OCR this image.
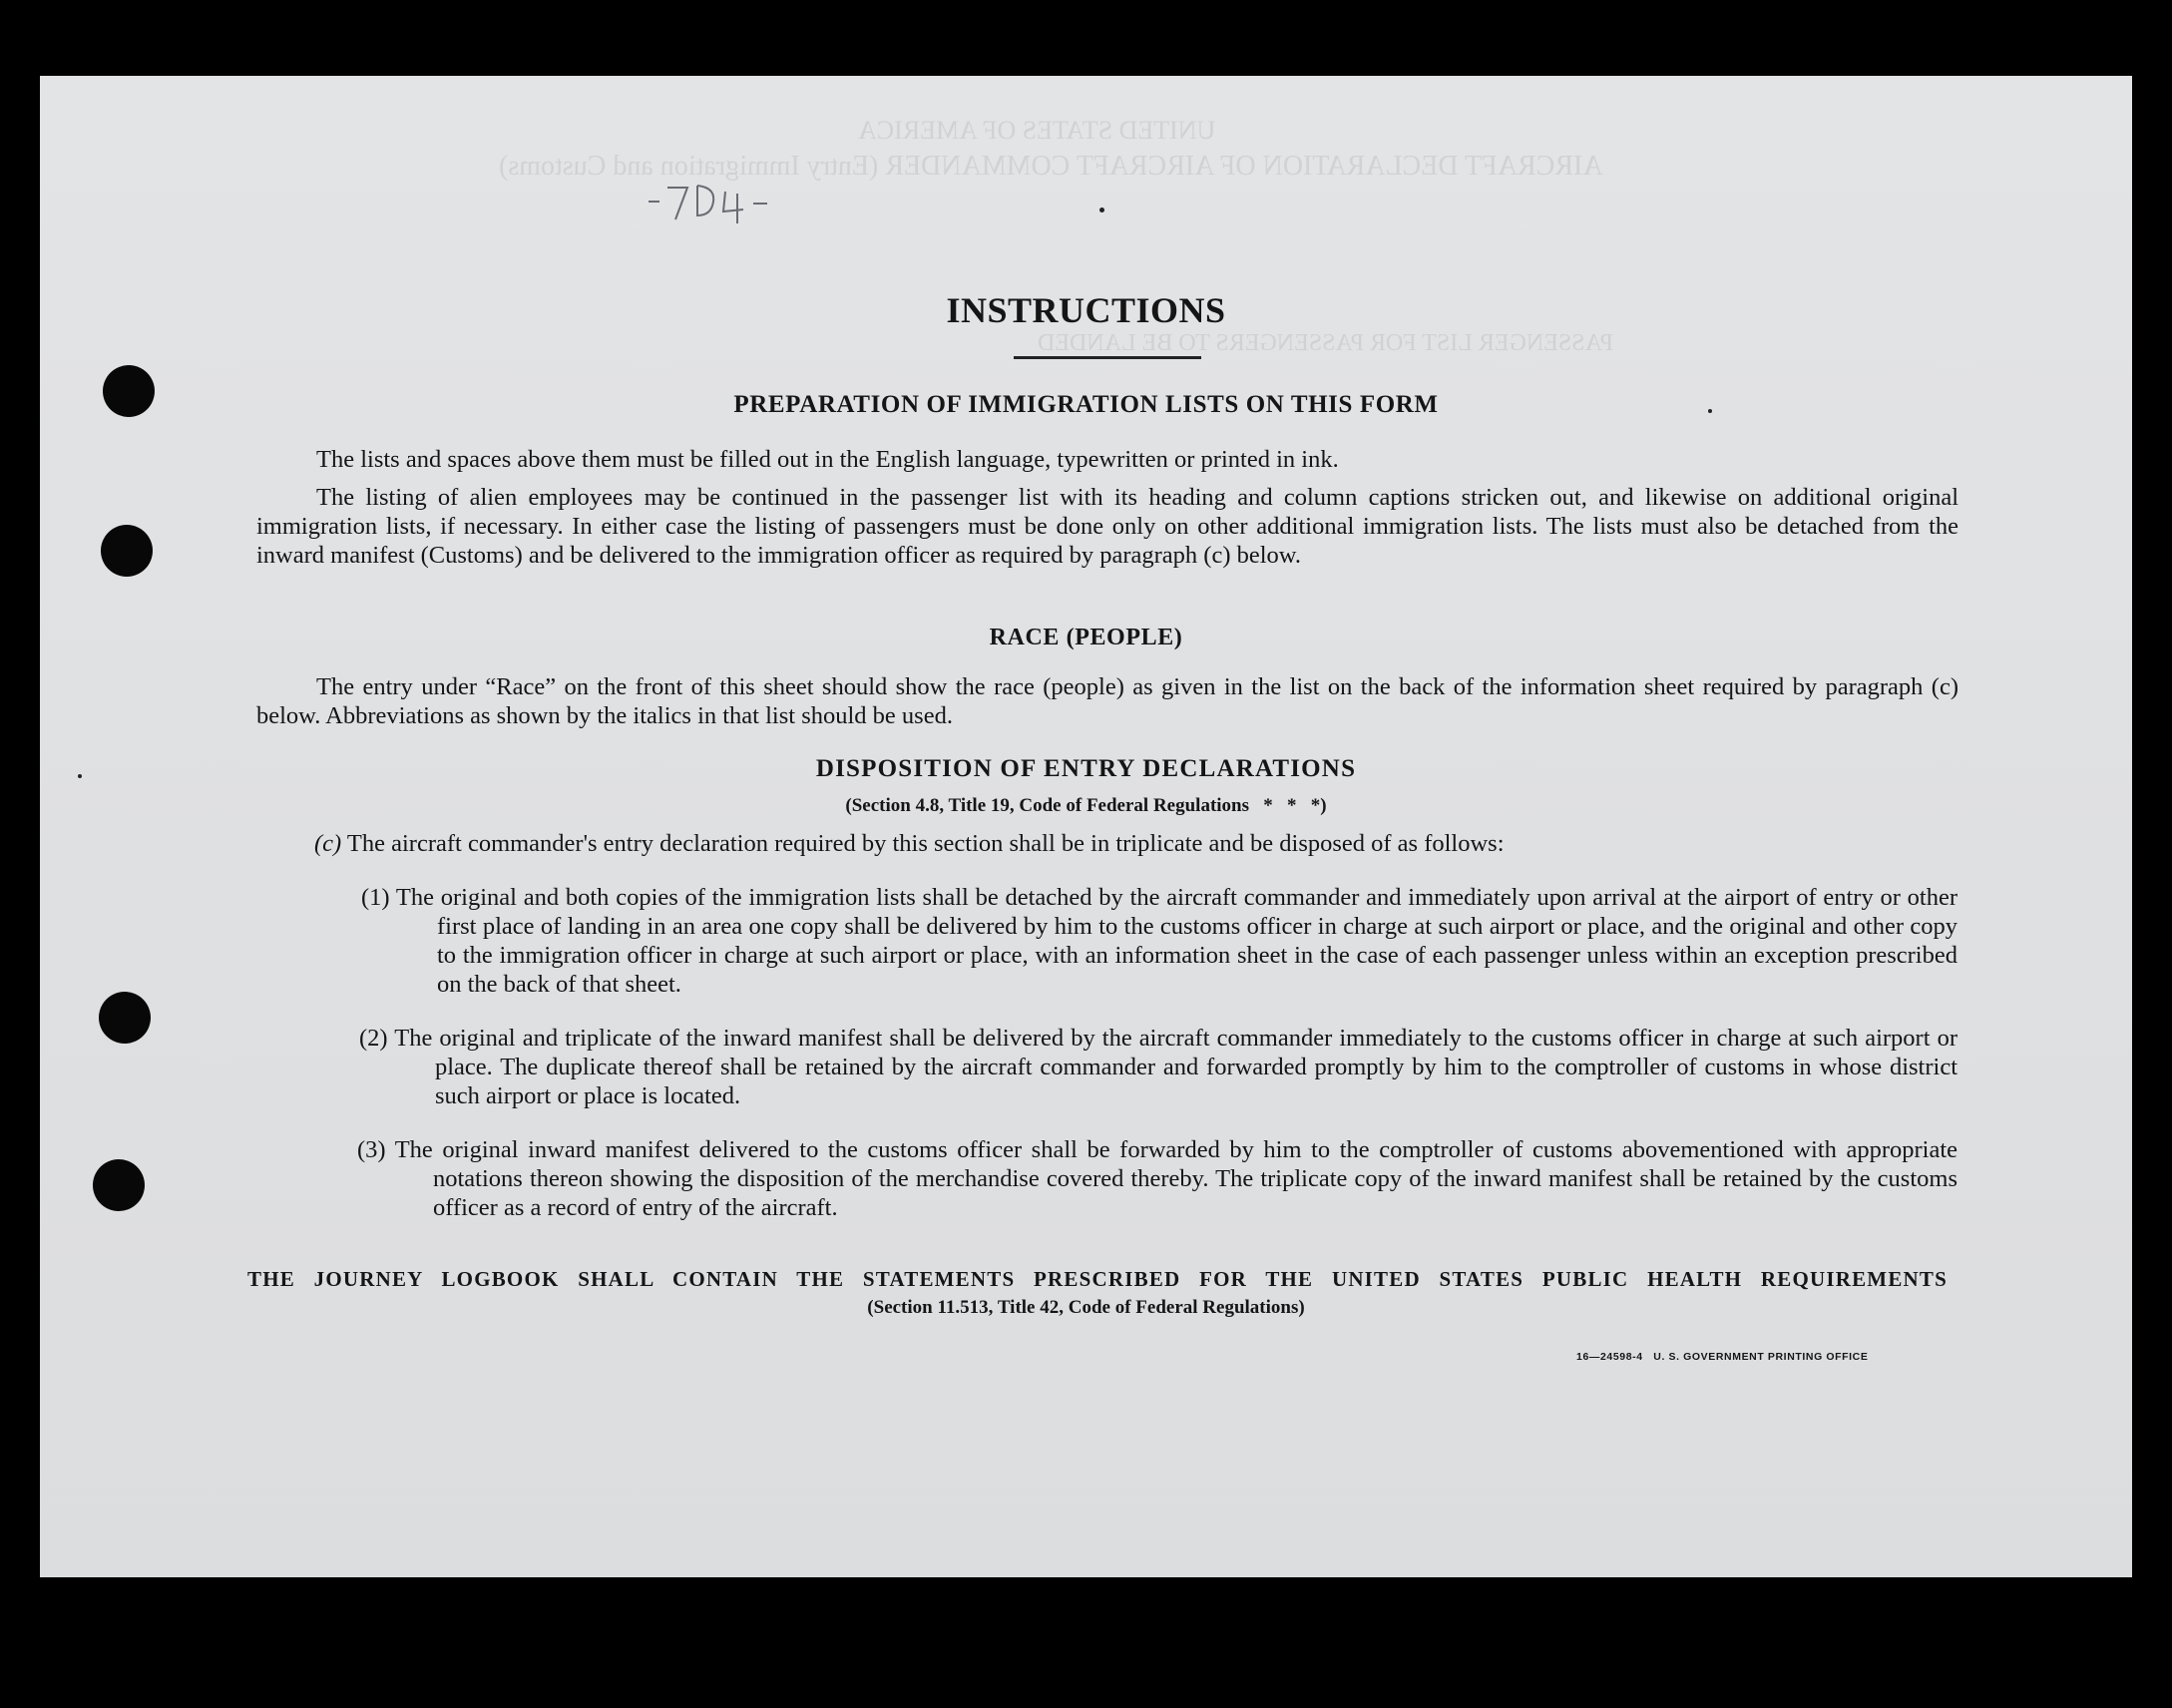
UNITED STATES OF AMERICA
AIRCRAFT DECLARATION OF AIRCRAFT COMMANDER (Entry Immigration and Customs)
PASSENGER LIST FOR PASSENGERS TO BE LANDED
INSTRUCTIONS
PREPARATION OF IMMIGRATION LISTS ON THIS FORM
The lists and spaces above them must be filled out in the English language, typewritten or printed in ink.
The listing of alien employees may be continued in the passenger list with its heading and column captions stricken out, and likewise on additional original immigration lists, if necessary. In either case the listing of passengers must be done only on other additional immigration lists. The lists must also be detached from the inward manifest (Customs) and be delivered to the immigration officer as required by paragraph (c) below.
RACE (PEOPLE)
The entry under “Race” on the front of this sheet should show the race (people) as given in the list on the back of the information sheet required by paragraph (c) below. Abbreviations as shown by the italics in that list should be used.
DISPOSITION OF ENTRY DECLARATIONS
(Section 4.8, Title 19, Code of Federal Regulations   *   *   *)
(c) The aircraft commander's entry declaration required by this section shall be in triplicate and be disposed of as follows:
(1) The original and both copies of the immigration lists shall be detached by the aircraft commander and immediately upon arrival at the airport of entry or other first place of landing in an area one copy shall be delivered by him to the customs officer in charge at such airport or place, and the original and other copy to the immigration officer in charge at such airport or place, with an information sheet in the case of each passenger unless within an exception prescribed on the back of that sheet.
(2) The original and triplicate of the inward manifest shall be delivered by the aircraft commander immediately to the customs officer in charge at such airport or place. The duplicate thereof shall be retained by the aircraft commander and forwarded promptly by him to the comptroller of customs in whose district such airport or place is located.
(3) The original inward manifest delivered to the customs officer shall be forwarded by him to the comptroller of customs abovementioned with appropriate notations thereon showing the disposition of the merchandise covered thereby. The triplicate copy of the inward manifest shall be retained by the customs officer as a record of entry of the aircraft.
THE JOURNEY LOGBOOK SHALL CONTAIN THE STATEMENTS PRESCRIBED FOR THE UNITED STATES PUBLIC HEALTH REQUIREMENTS
(Section 11.513, Title 42, Code of Federal Regulations)
16—24598-4   U. S. GOVERNMENT PRINTING OFFICE
